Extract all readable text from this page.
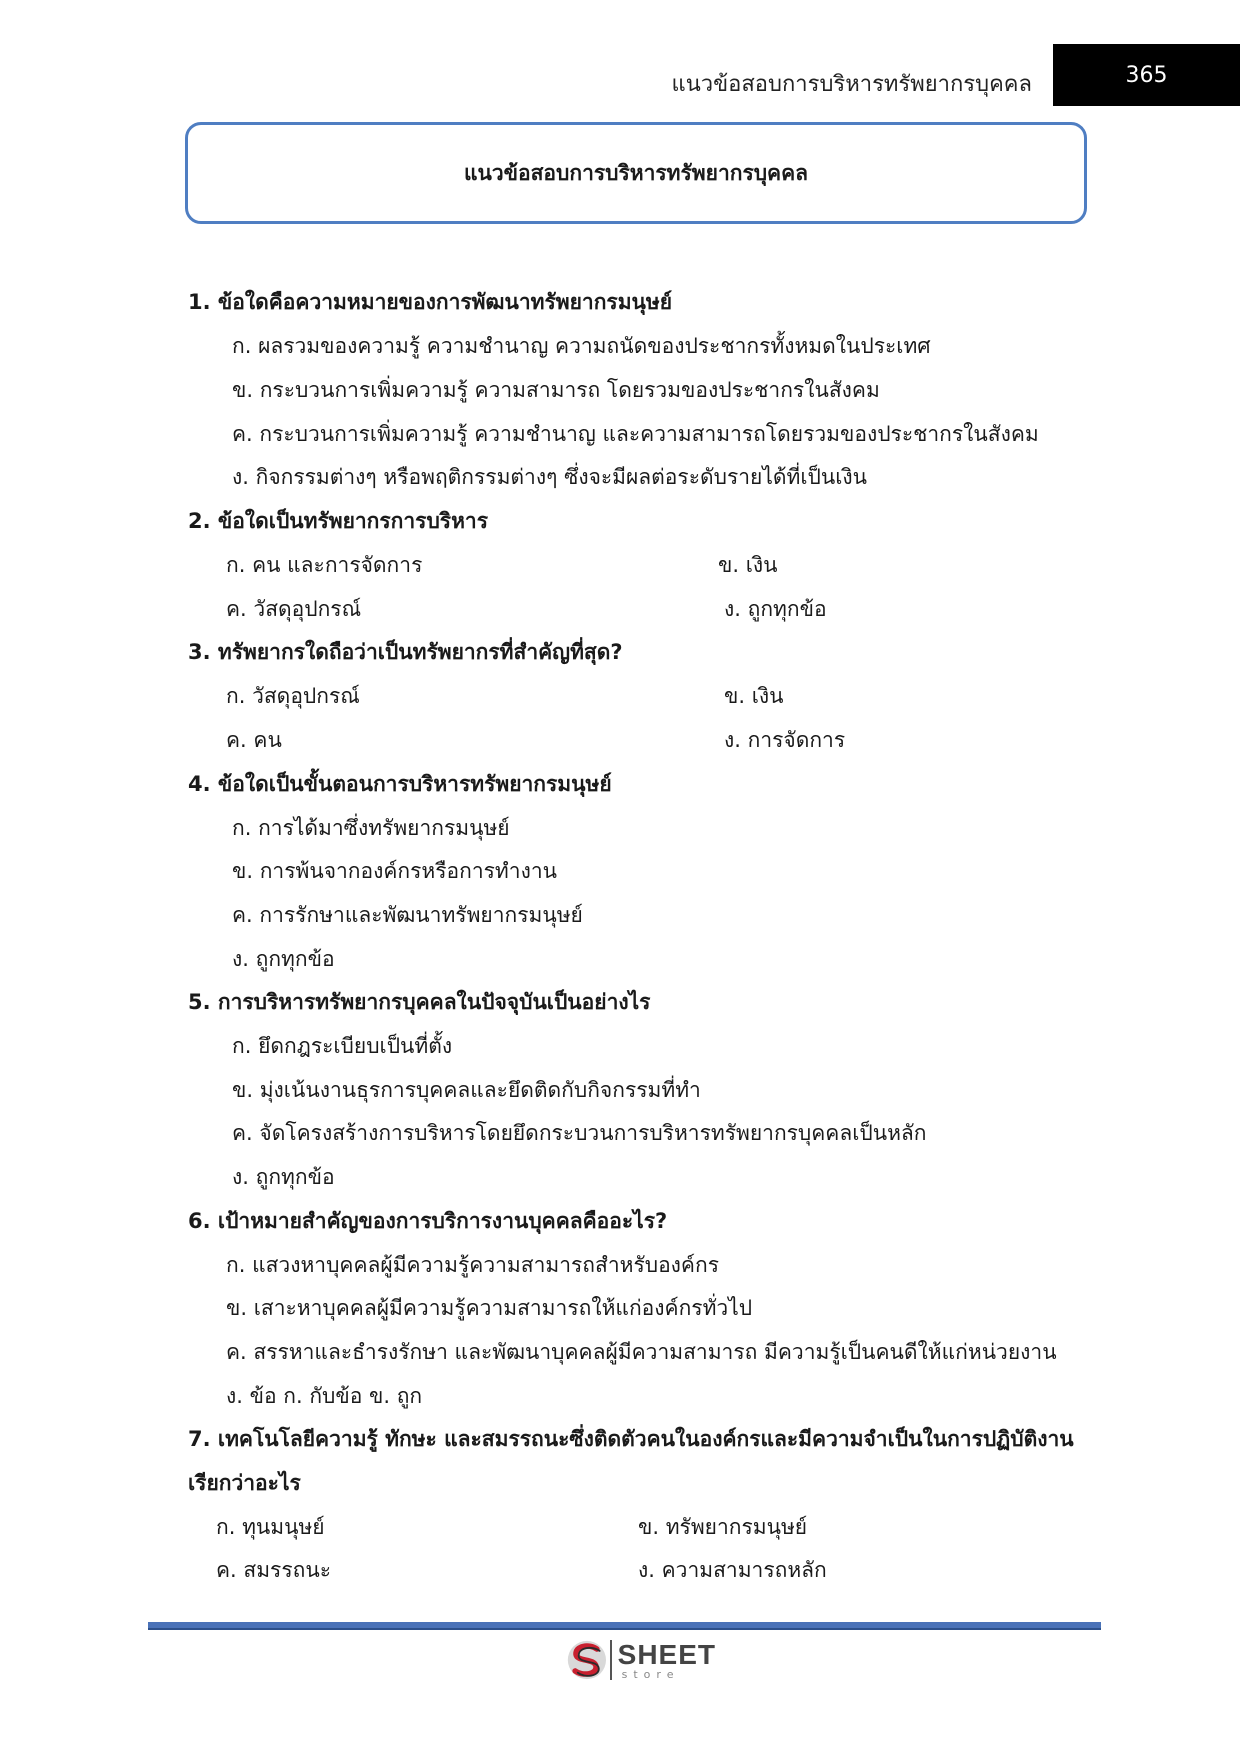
แนวข้อสอบการบริหารทรัพยากรบุคคล	365
แนวข้อสอบการบริหารทรัพยากรบุคคล
1. ข้อใดคือความหมายของการพัฒนาทรัพยากรมนุษย์
ก. ผลรวมของความรู้ ความชำนาญ ความถนัดของประชากรทั้งหมดในประเทศ
ข. กระบวนการเพิ่มความรู้ ความสามารถ โดยรวมของประชากรในสังคม
ค. กระบวนการเพิ่มความรู้ ความชำนาญ และความสามารถโดยรวมของประชากรในสังคม
ง. กิจกรรมต่างๆ หรือพฤติกรรมต่างๆ ซึ่งจะมีผลต่อระดับรายได้ที่เป็นเงิน
2. ข้อใดเป็นทรัพยากรการบริหาร
ก. คน และการจัดการ	ข. เงิน
ค. วัสดุอุปกรณ์	ง. ถูกทุกข้อ
3. ทรัพยากรใดถือว่าเป็นทรัพยากรที่สำคัญที่สุด?
ก. วัสดุอุปกรณ์	ข. เงิน
ค. คน	ง. การจัดการ
4. ข้อใดเป็นขั้นตอนการบริหารทรัพยากรมนุษย์
ก. การได้มาซึ่งทรัพยากรมนุษย์
ข. การพ้นจากองค์กรหรือการทำงาน
ค. การรักษาและพัฒนาทรัพยากรมนุษย์
ง. ถูกทุกข้อ
5. การบริหารทรัพยากรบุคคลในปัจจุบันเป็นอย่างไร
ก. ยึดกฎระเบียบเป็นที่ตั้ง
ข. มุ่งเน้นงานธุรการบุคคลและยึดติดกับกิจกรรมที่ทำ
ค. จัดโครงสร้างการบริหารโดยยึดกระบวนการบริหารทรัพยากรบุคคลเป็นหลัก
ง. ถูกทุกข้อ
6. เป้าหมายสำคัญของการบริการงานบุคคลคืออะไร?
ก. แสวงหาบุคคลผู้มีความรู้ความสามารถสำหรับองค์กร
ข. เสาะหาบุคคลผู้มีความรู้ความสามารถให้แก่องค์กรทั่วไป
ค. สรรหาและธำรงรักษา และพัฒนาบุคคลผู้มีความสามารถ มีความรู้เป็นคนดีให้แก่หน่วยงาน
ง. ข้อ ก. กับข้อ ข. ถูก
7. เทคโนโลยีความรู้ ทักษะ และสมรรถนะซึ่งติดตัวคนในองค์กรและมีความจำเป็นในการปฏิบัติงาน
เรียกว่าอะไร
ก. ทุนมนุษย์	ข. ทรัพยากรมนุษย์
ค. สมรรถนะ	ง. ความสามารถหลัก
SHEET
store
